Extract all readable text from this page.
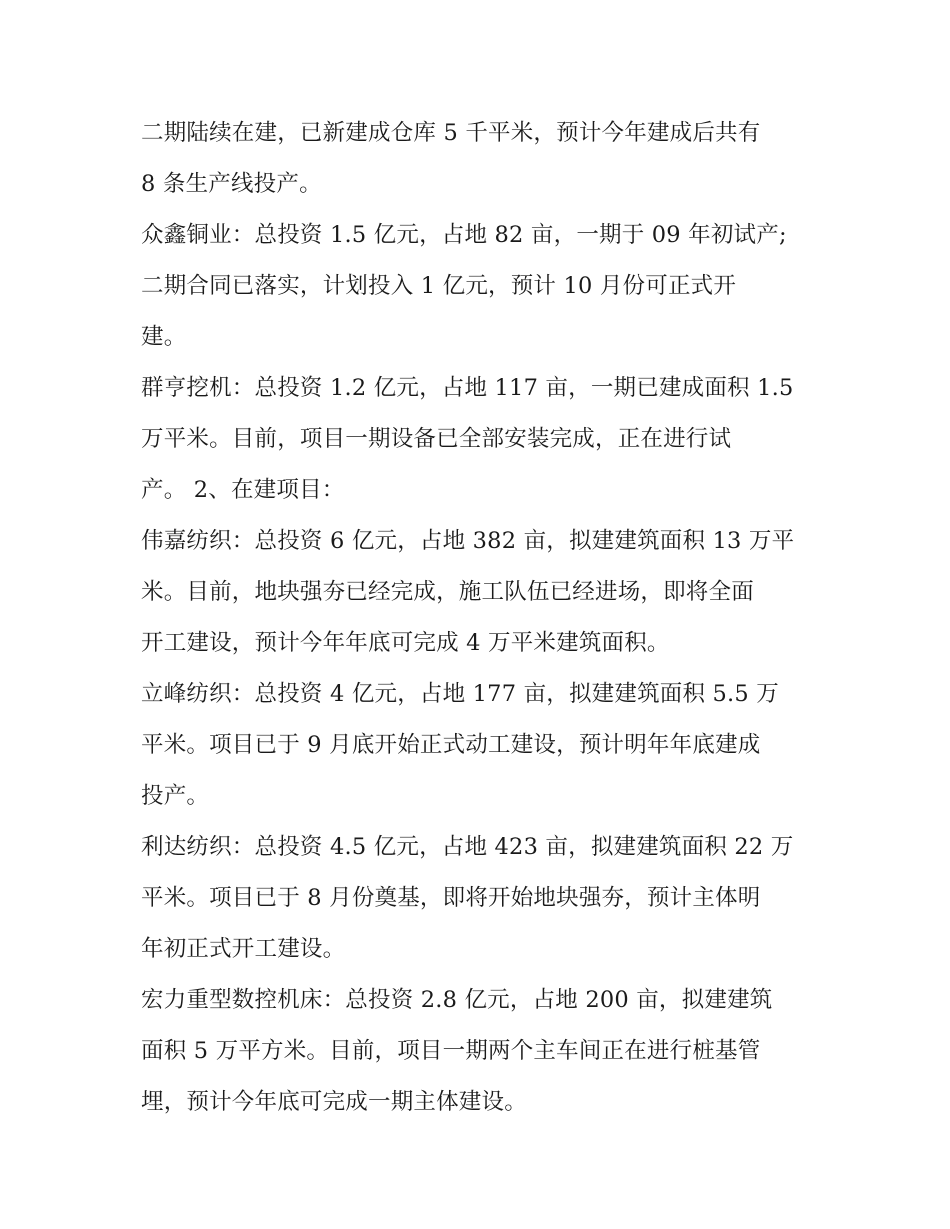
二期陆续在建，已新建成仓库 5 千平米，预计今年建成后共有
8 条生产线投产。
众鑫铜业：总投资 1.5 亿元，占地 82 亩，一期于 09 年初试产;
二期合同已落实，计划投入 1 亿元，预计 10 月份可正式开
建。
群亨挖机：总投资 1.2 亿元，占地 117 亩，一期已建成面积 1.5
万平米。目前，项目一期设备已全部安装完成，正在进行试
产。 2、在建项目：
伟嘉纺织：总投资 6 亿元，占地 382 亩，拟建建筑面积 13 万平
米。目前，地块强夯已经完成，施工队伍已经进场，即将全面
开工建设，预计今年年底可完成 4 万平米建筑面积。
立峰纺织：总投资 4 亿元，占地 177 亩，拟建建筑面积 5.5 万
平米。项目已于 9 月底开始正式动工建设，预计明年年底建成
投产。
利达纺织：总投资 4.5 亿元，占地 423 亩，拟建建筑面积 22 万
平米。项目已于 8 月份奠基，即将开始地块强夯，预计主体明
年初正式开工建设。
宏力重型数控机床：总投资 2.8 亿元，占地 200 亩，拟建建筑
面积 5 万平方米。目前，项目一期两个主车间正在进行桩基管
埋，预计今年底可完成一期主体建设。
